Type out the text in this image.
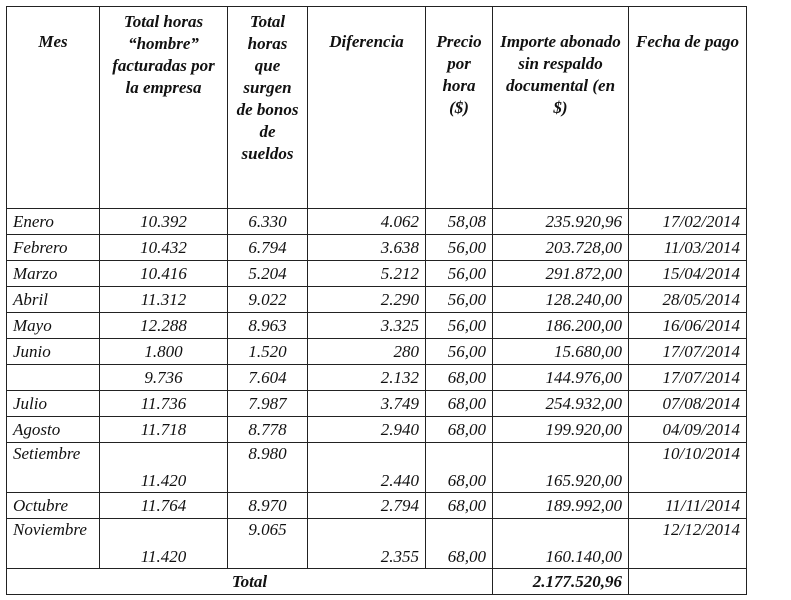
Mes	Total horas “hombre” facturadas por la empresa	Total horas que surgen de bonos de sueldos	Diferencia	Precio por hora ($)	Importe abonado sin respaldo documental (en $)	Fecha de pago
Enero	10.392	6.330	4.062	58,08	235.920,96	17/02/2014
Febrero	10.432	6.794	3.638	56,00	203.728,00	11/03/2014
Marzo	10.416	5.204	5.212	56,00	291.872,00	15/04/2014
Abril	11.312	9.022	2.290	56,00	128.240,00	28/05/2014
Mayo	12.288	8.963	3.325	56,00	186.200,00	16/06/2014
Junio	1.800	1.520	280	56,00	15.680,00	17/07/2014
	9.736	7.604	2.132	68,00	144.976,00	17/07/2014
Julio	11.736	7.987	3.749	68,00	254.932,00	07/08/2014
Agosto	11.718	8.778	2.940	68,00	199.920,00	04/09/2014
Setiembre	11.420	8.980	2.440	68,00	165.920,00	10/10/2014
Octubre	11.764	8.970	2.794	68,00	189.992,00	11/11/2014
Noviembre	11.420	9.065	2.355	68,00	160.140,00	12/12/2014
Total					2.177.520,96	
